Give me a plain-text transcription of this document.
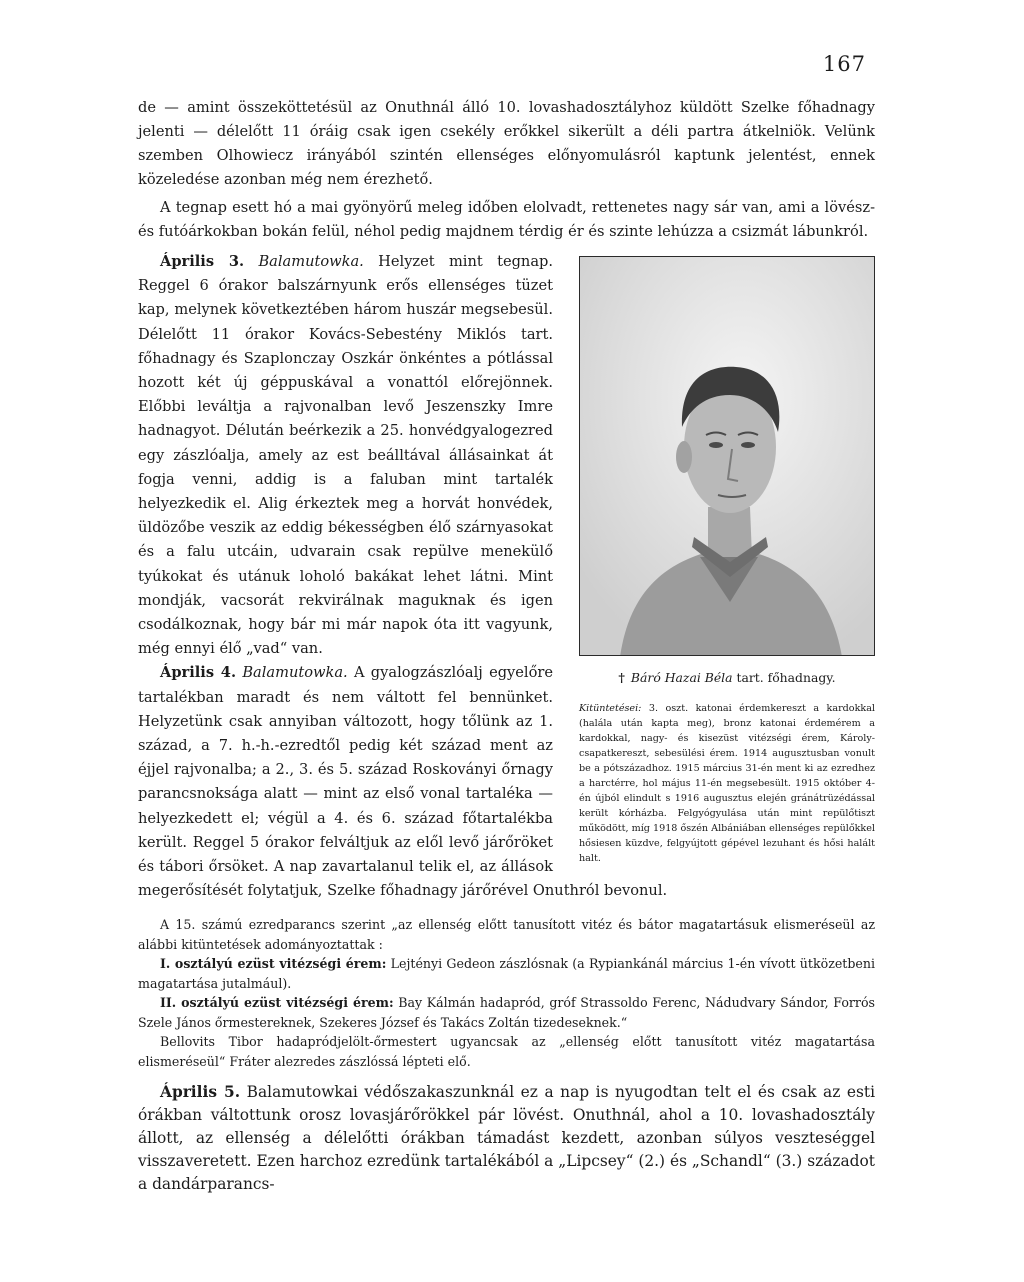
167

de — amint összeköttetésül az Onuthnál álló 10. lovashadosztályhoz küldött Szelke főhadnagy jelenti — délelőtt 11 óráig csak igen csekély erőkkel sikerült a déli partra átkelniök. Velünk szemben Olhowiecz irányából szintén ellenséges előnyomulásról kaptunk jelentést, ennek közeledése azonban még nem érezhető.

A tegnap esett hó a mai gyönyörű meleg időben elolvadt, rettenetes nagy sár van, ami a lövész- és futóárkokban bokán felül, néhol pedig majdnem térdig ér és szinte lehúzza a csizmát lábunkról.

† Báró Hazai Béla tart. főhadnagy.

Kitüntetései: 3. oszt. katonai érdemkereszt a kardokkal (halála után kapta meg), bronz katonai érdemérem a kardokkal, nagy- és kisezüst vitézségi érem, Károly-csapatkereszt, sebesülési érem. 1914 augusztusban vonult be a pótszázadhoz. 1915 március 31-én ment ki az ezredhez a harctérre, hol május 11-én megsebesült. 1915 október 4-én újból elindult s 1916 augusztus elején gránátrüzédással került kórházba. Felgyógyulása után mint repülőtiszt működött, míg 1918 őszén Albániában ellenséges repülőkkel hősiesen küzdve, felgyújtott gépével lezuhant és hősi halált halt.

Április 3. Balamutowka. Helyzet mint tegnap. Reggel 6 órakor balszárnyunk erős ellenséges tüzet kap, melynek következtében három huszár megsebesül. Délelőtt 11 órakor Kovács-Sebestény Miklós tart. főhadnagy és Szaplonczay Oszkár önkéntes a pótlással hozott két új géppuskával a vonattól előrejönnek. Előbbi leváltja a rajvonalban levő Jeszenszky Imre hadnagyot. Délután beérkezik a 25. honvédgyalogezred egy zászlóalja, amely az est beálltával állásainkat át fogja venni, addig is a faluban mint tartalék helyezkedik el. Alig érkeztek meg a horvát honvédek, üldözőbe veszik az eddig békességben élő szárnyasokat és a falu utcáin, udvarain csak repülve menekülő tyúkokat és utánuk loholó bakákat lehet látni. Mint mondják, vacsorát rekvirálnak maguknak és igen csodálkoznak, hogy bár mi már napok óta itt vagyunk, még ennyi élő „vad“ van.

Április 4. Balamutowka. A gyalogzászlóalj egyelőre tartalékban maradt és nem váltott fel bennünket. Helyzetünk csak annyiban változott, hogy tőlünk az 1. század, a 7. h.-h.-ezredtől pedig két század ment az éjjel rajvonalba; a 2., 3. és 5. század Roskoványi őrnagy parancsnoksága alatt — mint az első vonal tartaléka — helyezkedett el; végül a 4. és 6. század főtartalékba került. Reggel 5 órakor felváltjuk az elől levő járőröket és tábori őrsöket. A nap zavartalanul telik el, az állások megerősítését folytatjuk, Szelke főhadnagy járőrével Onuthról bevonul.

A 15. számú ezredparancs szerint „az ellenség előtt tanusított vitéz és bátor magatartásuk elismeréseül az alábbi kitüntetések adományoztattak :

I. osztályú ezüst vitézségi érem: Lejtényi Gedeon zászlósnak (a Rypiankánál március 1-én vívott ütközetbeni magatartása jutalmául).

II. osztályú ezüst vitézségi érem: Bay Kálmán hadapród, gróf Strassoldo Ferenc, Nádudvary Sándor, Forrós Szele János őrmestereknek, Szekeres József és Takács Zoltán tizedeseknek.“

Bellovits Tibor hadapródjelölt-őrmestert ugyancsak az „ellenség előtt tanusított vitéz magatartása elismeréseül“ Fráter alezredes zászlóssá lépteti elő.

Április 5. Balamutowkai védőszakaszunknál ez a nap is nyugodtan telt el és csak az esti órákban váltottunk orosz lovasjárőrökkel pár lövést. Onuthnál, ahol a 10. lovashadosztály állott, az ellenség a délelőtti órákban támadást kezdett, azonban súlyos veszteséggel visszaveretett. Ezen harchoz ezredünk tartalékából a „Lipcsey“ (2.) és „Schandl“ (3.) századot a dandárparancs-
